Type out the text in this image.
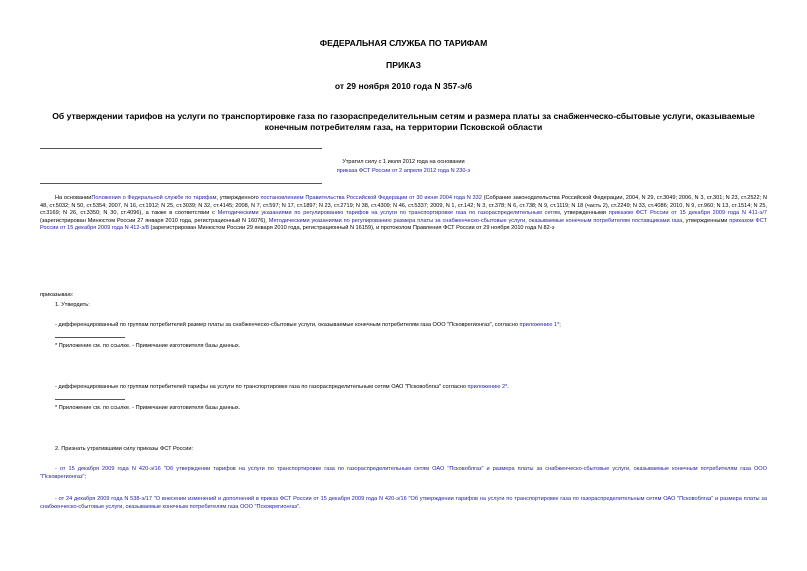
ФЕДЕРАЛЬНАЯ СЛУЖБА ПО ТАРИФАМ
ПРИКАЗ
от 29 ноября 2010 года N 357-э/6
Об утверждении тарифов на услуги по транспортировке газа по газораспределительным сетям и размера платы за снабженческо-сбытовые услуги, оказываемые конечным потребителям газа, на территории Псковской области
Утратил силу с 1 июля 2012 года на основании
приказа ФСТ России от 2 апреля 2012 года N 230-э
На основанииПоложения о Федеральной службе по тарифам, утвержденного постановлением Правительства Российской Федерации от 30 июня 2004 года N 332 (Собрание законодательства Российской Федерации, 2004, N 29, ст.3049; 2006, N 3, ст.301; N 23, ст.2522; N 48, ст.5032; N 50, ст.5354; 2007, N 16, ст.1912; N 25, ст.3039; N 32, ст.4145; 2008, N 7, ст.597; N 17, ст.1897; N 23, ст.2719; N 38, ст.4309; N 46, ст.5337; 2009, N 1, ст.142; N 3, ст.378; N 6, ст.738; N 9, ст.1119; N 18 (часть 2), ст.2249; N 33, ст.4086; 2010, N 9, ст.960; N 13, ст.1514; N 25, ст.3169; N 26, ст.3350; N 30, ст.4096), а также в соответствии с Методическими указаниями по регулированию тарифов на услуги по транспортировке газа по газораспределительным сетям, утвержденными приказом ФСТ России от 15 декабря 2009 года N 411-э/7 (зарегистрирован Минюстом России 27 января 2010 года, регистрационный N 16076), Методическими указаниями по регулированию размера платы за снабженческо-сбытовые услуги, оказываемые конечным потребителям поставщиками газа, утвержденными приказом ФСТ России от 15 декабря 2009 года N 412-э/8 (зарегистрирован Минюстом России 29 января 2010 года, регистрационный N 16159), и протоколом Правления ФСТ России от 29 ноября 2010 года N 82-э
приказываю:
1. Утвердить:
- дифференцированный по группам потребителей размер платы за снабженческо-сбытовые услуги, оказываемые конечным потребителям газа ООО "Псковрегионгаз", согласно приложению 1*;
* Приложение см. по ссылке. - Примечание изготовителя базы данных.
- дифференцированные по группам потребителей тарифы на услуги по транспортировке газа по газораспределительным сетям ОАО "Псковоблгаз" согласно приложению 2*.
* Приложение см. по ссылке. - Примечание изготовителя базы данных.
2. Признать утратившими силу приказы ФСТ России:
- от 15 декабря 2009 года N 420-э/16 "Об утверждении тарифов на услуги по транспортировке газа по газораспределительным сетям ОАО "Псковоблгаз" и размера платы за снабженческо-сбытовые услуги, оказываемые конечным потребителям газа ООО "Псковрегионгаз";
- от 24 декабря 2009 года N 538-э/17 "О внесении изменений и дополнений в приказ ФСТ России от 15 декабря 2009 года N 420-э/16 "Об утверждении тарифов на услуги по транспортировке газа по газораспределительным сетям ОАО "Псковоблгаз" и размера платы за снабженческо-сбытовые услуги, оказываемые конечным потребителям газа ООО "Псковрегионгаз".
